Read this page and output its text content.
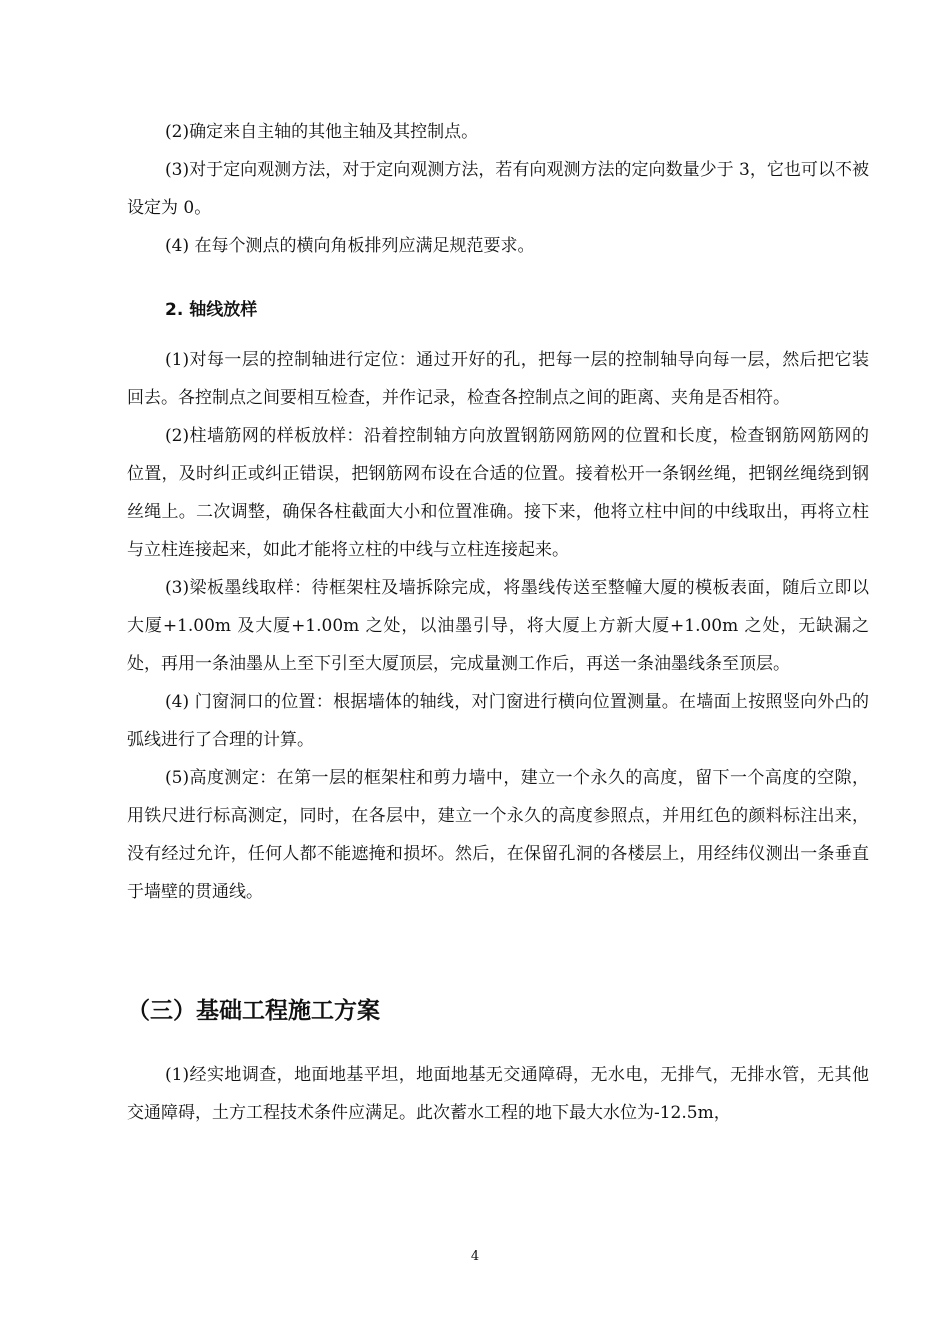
(2)确定来自主轴的其他主轴及其控制点。

(3)对于定向观测方法，对于定向观测方法，若有向观测方法的定向数量少于 3，它也可以不被设定为 0。

(4) 在每个测点的横向角板排列应满足规范要求。

2. 轴线放样

(1)对每一层的控制轴进行定位：通过开好的孔，把每一层的控制轴导向每一层，然后把它装回去。各控制点之间要相互检查，并作记录，检查各控制点之间的距离、夹角是否相符。

(2)柱墙筋网的样板放样：沿着控制轴方向放置钢筋网筋网的位置和长度，检查钢筋网筋网的位置，及时纠正或纠正错误，把钢筋网布设在合适的位置。接着松开一条钢丝绳，把钢丝绳绕到钢丝绳上。二次调整，确保各柱截面大小和位置准确。接下来，他将立柱中间的中线取出，再将立柱与立柱连接起来，如此才能将立柱的中线与立柱连接起来。

(3)梁板墨线取样：待框架柱及墙拆除完成，将墨线传送至整幢大厦的模板表面，随后立即以大厦+1.00m 及大厦+1.00m 之处，以油墨引导，将大厦上方新大厦+1.00m 之处，无缺漏之处，再用一条油墨从上至下引至大厦顶层，完成量测工作后，再送一条油墨线条至顶层。

(4) 门窗洞口的位置：根据墙体的轴线，对门窗进行横向位置测量。在墙面上按照竖向外凸的弧线进行了合理的计算。

(5)高度测定：在第一层的框架柱和剪力墙中，建立一个永久的高度，留下一个高度的空隙，用铁尺进行标高测定，同时，在各层中，建立一个永久的高度参照点，并用红色的颜料标注出来，没有经过允许，任何人都不能遮掩和损坏。然后，在保留孔洞的各楼层上，用经纬仪测出一条垂直于墙壁的贯通线。

（三）基础工程施工方案

(1)经实地调查，地面地基平坦，地面地基无交通障碍，无水电，无排气，无排水管，无其他交通障碍，土方工程技术条件应满足。此次蓄水工程的地下最大水位为-12.5m，

4
